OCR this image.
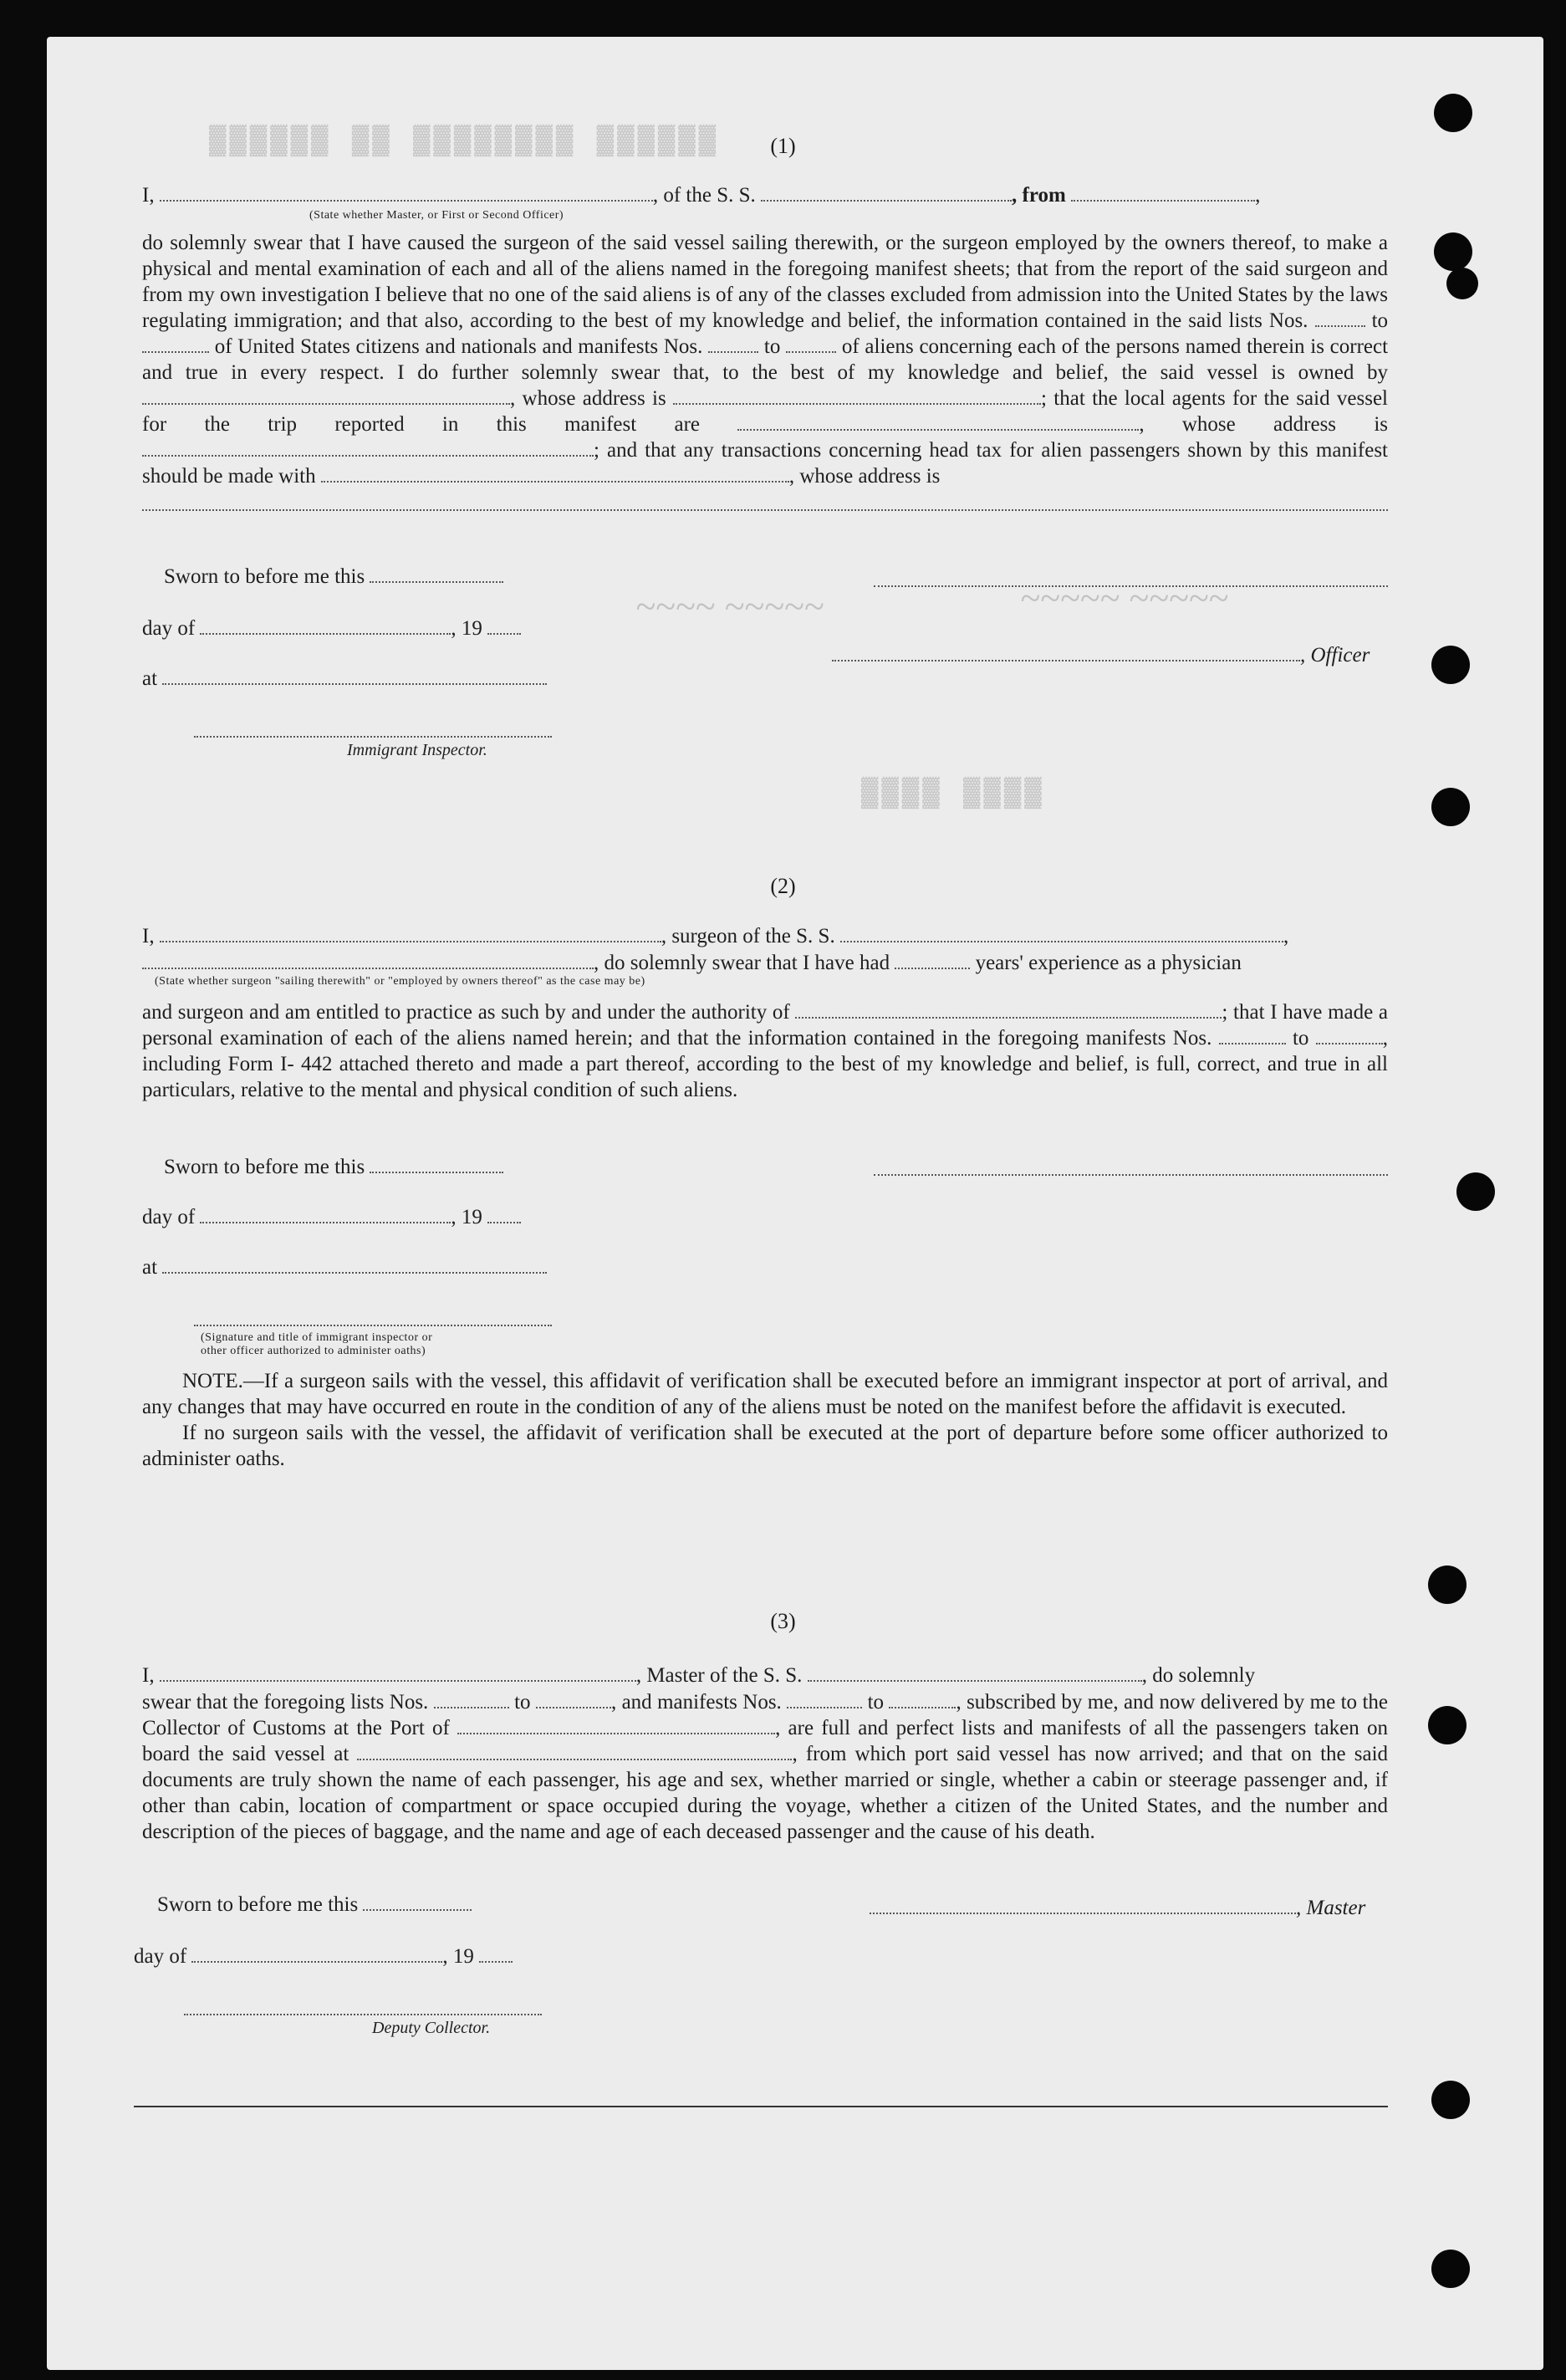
▓▓▓▓▓▓ ▓▓ ▓▓▓▓▓▓▓▓ ▓▓▓▓▓▓
▓▓▓▓ ▓▓▓▓
~~~~ ~~~~~	~~~~~ ~~~~~
(1)
I,	, of the S. S.	, from	,
(State whether Master, or First or Second Officer)

do solemnly swear that I have caused the surgeon of the said vessel sailing therewith, or the surgeon employed by the owners thereof, to make a physical and mental examination of each and all of the aliens named in the foregoing manifest sheets; that from the report of the said surgeon and from my own investigation I believe that no one of the said aliens is of any of the classes excluded from admission into the United States by the laws regulating immigration; and that also, according to the best of my knowledge and belief, the information contained in the said lists Nos.	to  of United States citizens and nationals and manifests Nos.	to	of aliens concerning each of the persons named therein is correct and true in every respect. I do further solemnly swear that, to the best of my knowledge and belief, the said vessel is owned by , whose address is	; that the local agents for the said vessel for the trip reported in this manifest are	, whose address is ; and that any transactions concerning head tax for alien passengers shown by this manifest should be made with	, whose address is

Sworn to before me this
day of	, 19
, Officer
at
Immigrant Inspector.
(2)
I,	, surgeon of the S. S.	,
, do solemnly swear that I have had	years' experience as a physician
(State whether surgeon "sailing therewith" or "employed by owners thereof" as the case may be)

and surgeon and am entitled to practice as such by and under the authority of	; that I have made a personal examination of each of the aliens named herein; and that the information contained in the foregoing manifests Nos.	to	, including Form I- 442 attached thereto and made a part thereof, according to the best of my knowledge and belief, is full, correct, and true in all particulars, relative to the mental and physical condition of such aliens.

Sworn to before me this
day of	, 19
at
(Signature and title of immigrant inspector or
other officer authorized to administer oaths)

NOTE.—If a surgeon sails with the vessel, this affidavit of verification shall be executed before an immigrant inspector at port of arrival, and any changes that may have occurred en route in the condition of any of the aliens must be noted on the manifest before the affidavit is executed.

If no surgeon sails with the vessel, the affidavit of verification shall be executed at the port of departure before some officer authorized to administer oaths.

(3)
I,	, Master of the S. S.	, do solemnly

swear that the foregoing lists Nos.	to	, and manifests Nos.	to	, subscribed by me, and now delivered by me to the Collector of Customs at the Port of	, are full and perfect lists and manifests of all the passengers taken on board the said vessel at	, from which port said vessel has now arrived; and that on the said documents are truly shown the name of each passenger, his age and sex, whether married or single, whether a cabin or steerage passenger and, if other than cabin, location of compartment or space occupied during the voyage, whether a citizen of the United States, and the number and description of the pieces of baggage, and the name and age of each deceased passenger and the cause of his death.

Sworn to before me this	, Master
day of	, 19
Deputy Collector.
